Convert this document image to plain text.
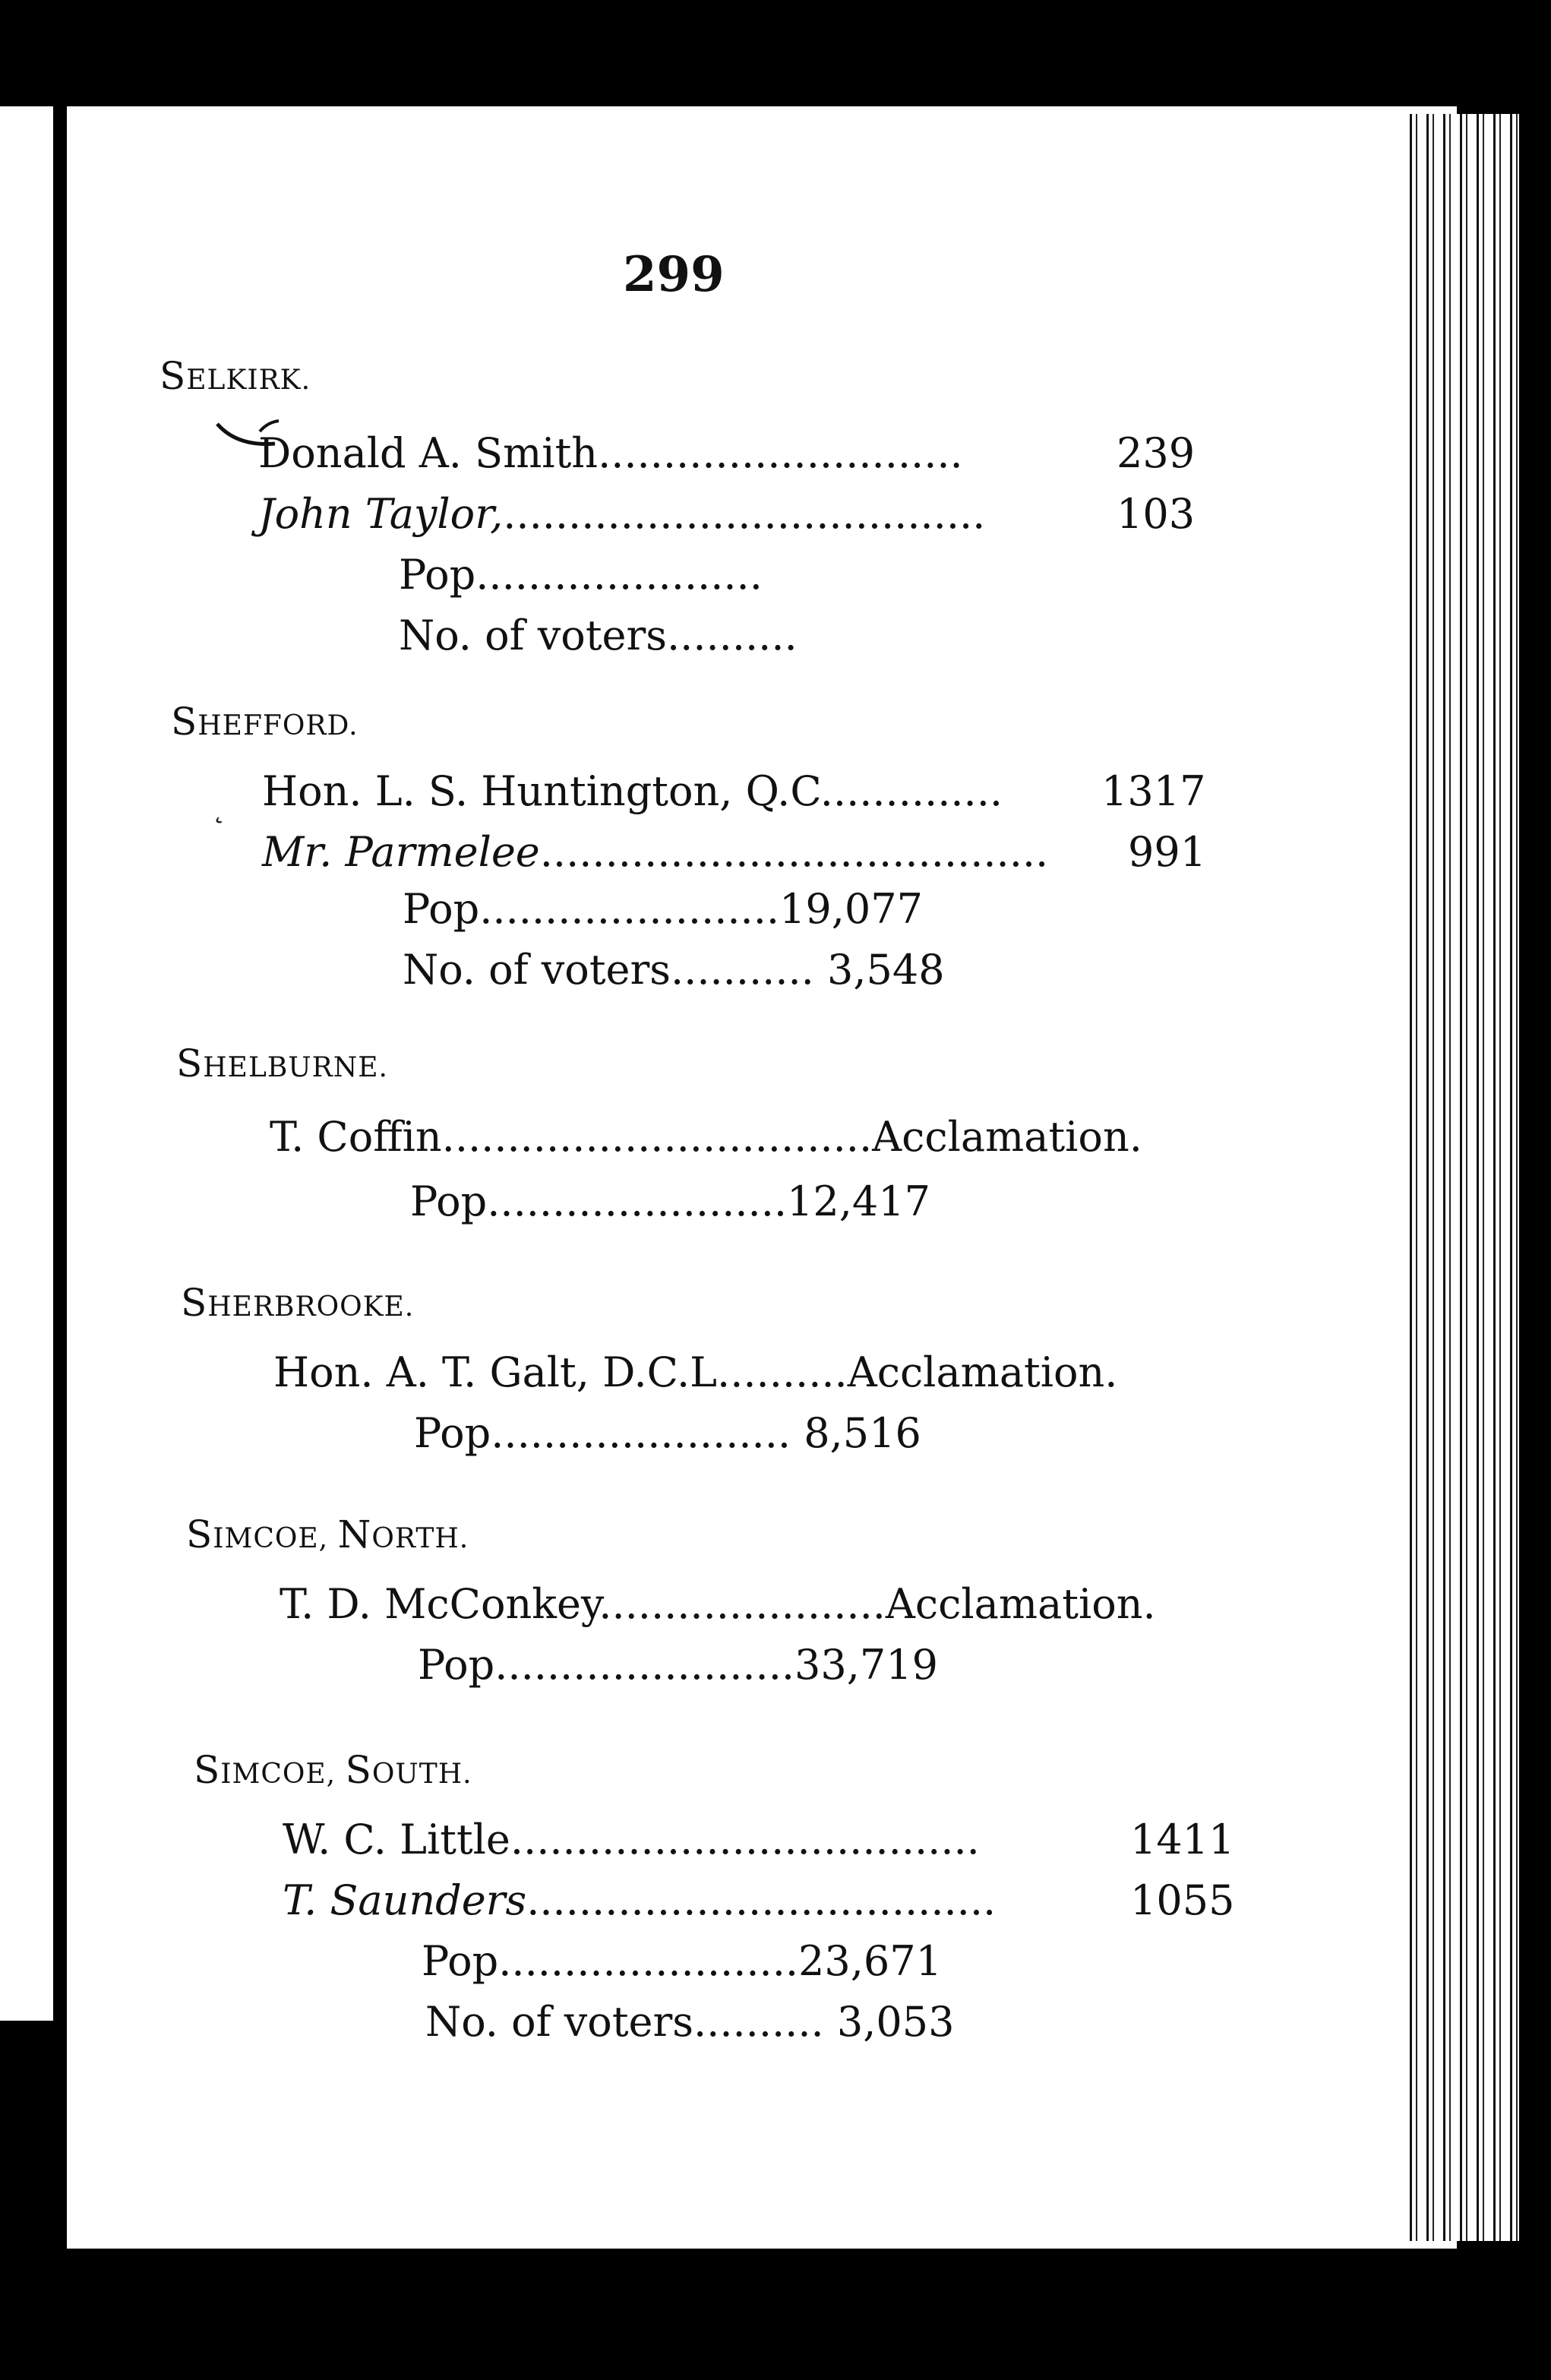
299
SELKIRK.
Donald A. Smith............................	239
John Taylor,.....................................	103
Pop......................
No. of voters..........
SHEFFORD.
˛ Hon. L. S. Huntington, Q.C.............. 1317
Mr. Parmelee....................................... 991
Pop.......................19,077
No. of voters........... 3,548
SHELBURNE.
T. Coffin.................................Acclamation.
Pop.......................12,417
SHERBROOKE.
Hon. A. T. Galt, D.C.L..........Acclamation.
Pop....................... 8,516
SIMCOE, NORTH.
T. D. McConkey......................Acclamation.
Pop.......................33,719
SIMCOE, SOUTH.
W. C. Little....................................	1411
T. Saunders....................................	1055
Pop.......................23,671
No. of voters.......... 3,053
